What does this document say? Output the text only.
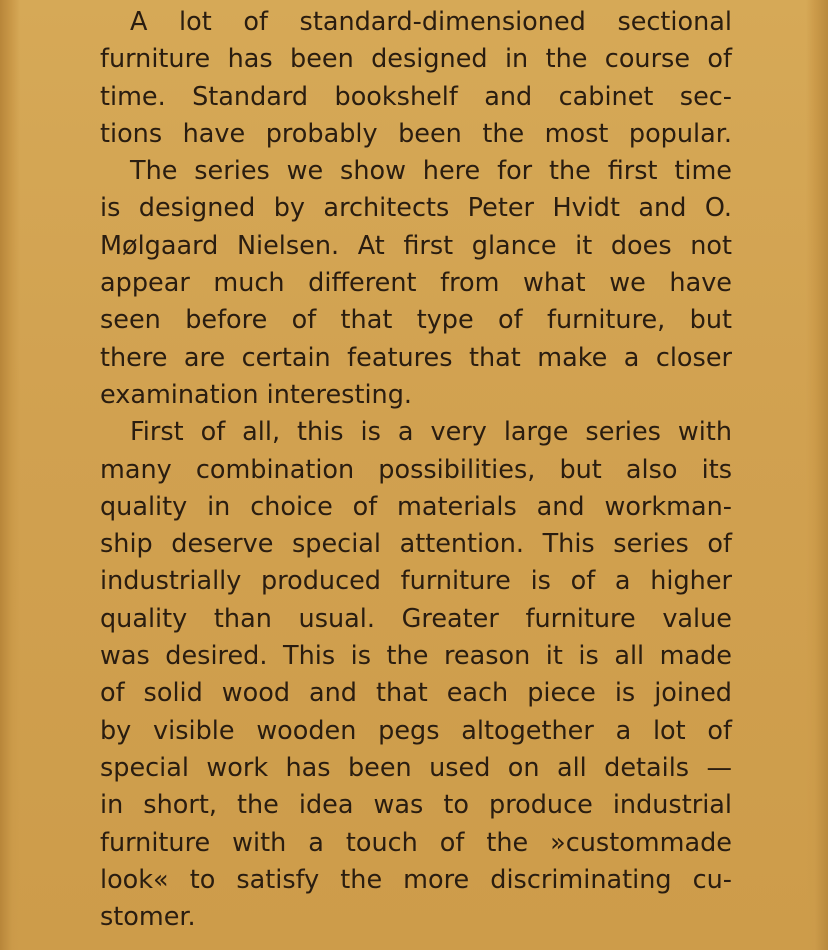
A lot of standard-dimensioned sectional
furniture has been designed in the course of
time. Standard bookshelf and cabinet sec-
tions have probably been the most popular.
The series we show here for the first time
is designed by architects Peter Hvidt and O.
Mølgaard Nielsen. At first glance it does not
appear much different from what we have
seen before of that type of furniture, but
there are certain features that make a closer
examination interesting.
First of all, this is a very large series with
many combination possibilities, but also its
quality in choice of materials and workman-
ship deserve special attention. This series of
industrially produced furniture is of a higher
quality than usual. Greater furniture value
was desired. This is the reason it is all made
of solid wood and that each piece is joined
by visible wooden pegs altogether a lot of
special work has been used on all details —
in short, the idea was to produce industrial
furniture with a touch of the »custommade
look« to satisfy the more discriminating cu-
stomer.
